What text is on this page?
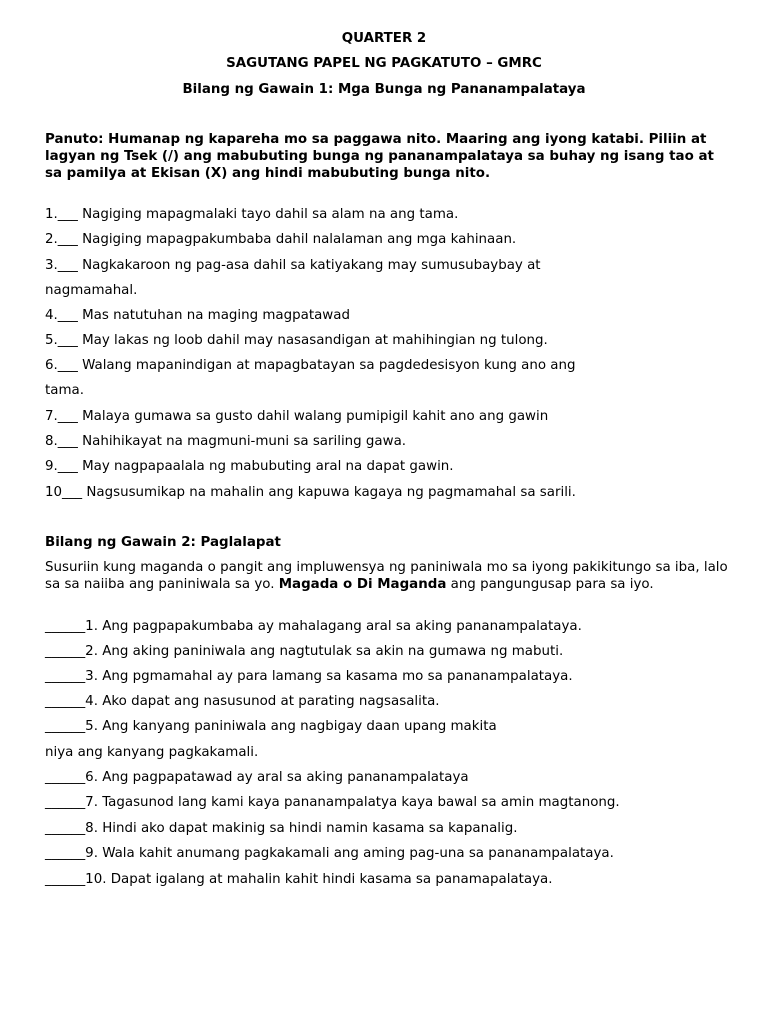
QUARTER 2
SAGUTANG PAPEL NG PAGKATUTO – GMRC
Bilang ng Gawain 1: Mga Bunga ng Pananampalataya
Panuto: Humanap ng kapareha mo sa paggawa nito. Maaring ang iyong katabi. Piliin at lagyan ng Tsek (/) ang mabubuting bunga ng pananampalataya sa buhay ng isang tao at sa pamilya at Ekisan (X) ang hindi mabubuting bunga nito.
1.___ Nagiging mapagmalaki tayo dahil sa alam na ang tama.
2.___ Nagiging mapagpakumbaba dahil nalalaman ang mga kahinaan.
3.___ Nagkakaroon ng pag-asa dahil sa katiyakang may sumusubaybay at
nagmamahal.
4.___ Mas natutuhan na maging magpatawad
5.___ May lakas ng loob dahil may nasasandigan at mahihingian ng tulong.
6.___ Walang mapanindigan at mapagbatayan sa pagdedesisyon kung ano ang
tama.
7.___ Malaya gumawa sa gusto dahil walang pumipigil kahit ano ang gawin
8.___ Nahihikayat na magmuni-muni sa sariling gawa.
9.___ May nagpapaalala ng mabubuting aral na dapat gawin.
10___ Nagsusumikap na mahalin ang kapuwa kagaya ng pagmamahal sa sarili.
Bilang ng Gawain 2: Paglalapat
Susuriin kung maganda o pangit ang impluwensya ng paniniwala mo sa iyong pakikitungo sa iba, lalo sa sa naiiba ang paniniwala sa yo. Magada o Di Maganda ang pangungusap para sa iyo.
______1. Ang pagpapakumbaba ay mahalagang aral sa aking pananampalataya.
______2. Ang aking paniniwala ang nagtutulak sa akin na gumawa ng mabuti.
______3. Ang pgmamahal ay para lamang sa kasama mo sa pananampalataya.
______4. Ako dapat ang nasusunod at parating nagsasalita.
______5. Ang kanyang paniniwala ang nagbigay daan upang makita
niya ang kanyang pagkakamali.
______6. Ang pagpapatawad ay aral sa aking pananampalataya
______7. Tagasunod lang kami kaya pananampalatya kaya bawal sa amin magtanong.
______8. Hindi ako dapat makinig sa hindi namin kasama sa kapanalig.
______9. Wala kahit anumang pagkakamali ang aming pag-una sa pananampalataya.
______10. Dapat igalang at mahalin kahit hindi kasama sa panamapalataya.
